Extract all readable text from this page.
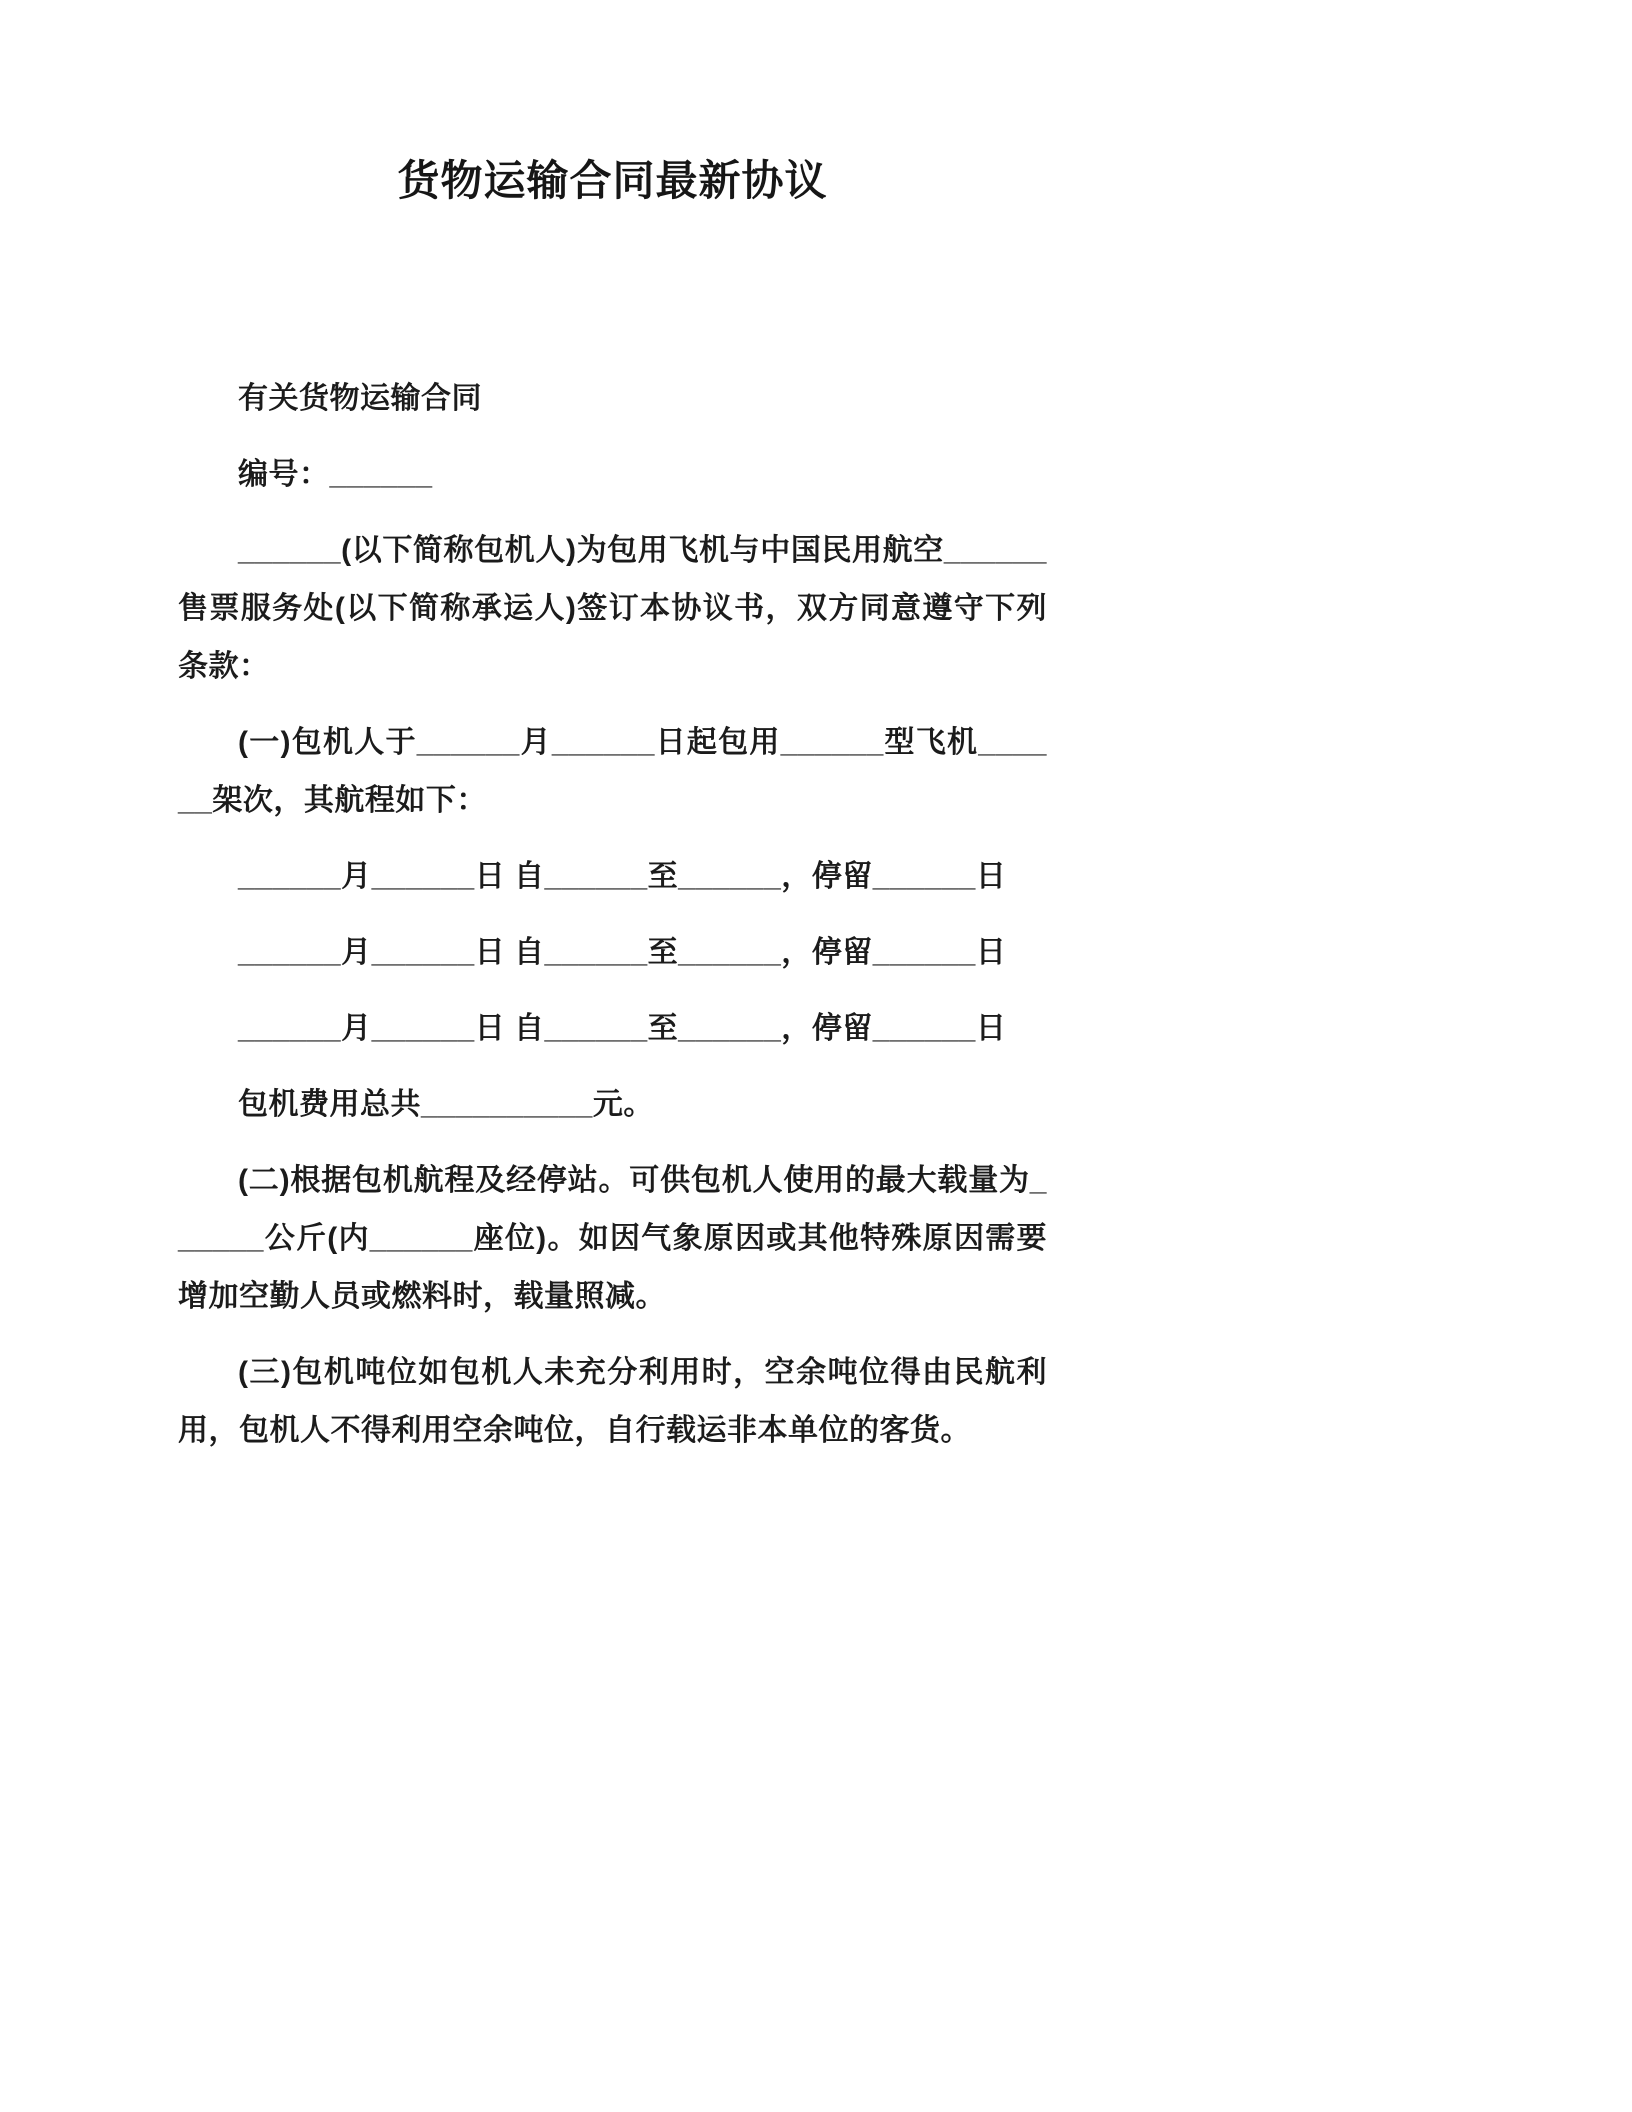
货物运输合同最新协议

有关货物运输合同

编号：______

______(以下简称包机人)为包用飞机与中国民用航空______售票服务处(以下简称承运人)签订本协议书，双方同意遵守下列条款：

(一)包机人于______月______日起包用______型飞机______架次，其航程如下：

______月______日 自______至______，停留______日

______月______日 自______至______，停留______日

______月______日 自______至______，停留______日

包机费用总共__________元。

(二)根据包机航程及经停站。可供包机人使用的最大载量为______公斤(内______座位)。如因气象原因或其他特殊原因需要增加空勤人员或燃料时，载量照减。

(三)包机吨位如包机人未充分利用时，空余吨位得由民航利用，包机人不得利用空余吨位，自行载运非本单位的客货。
